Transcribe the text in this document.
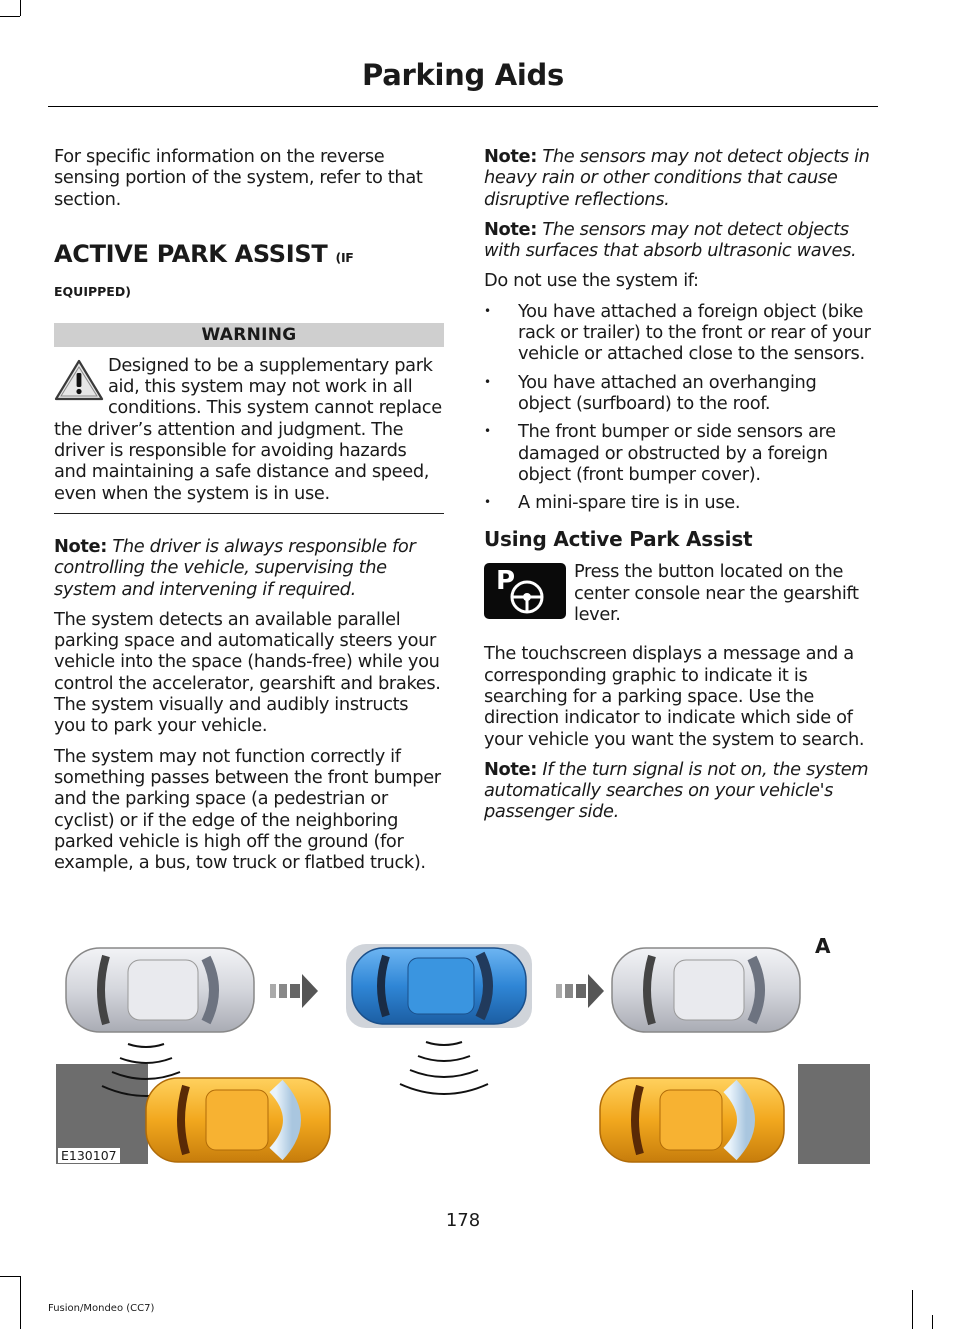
Parking Aids

For specific information on the reverse sensing portion of the system, refer to that section.

ACTIVE PARK ASSIST (IF
EQUIPPED)
WARNING

Designed to be a supplementary park aid, this system may not work in all conditions. This system cannot replace the driver’s attention and judgment. The driver is responsible for avoiding hazards and maintaining a safe distance and speed, even when the system is in use.

Note: The driver is always responsible for controlling the vehicle, supervising the system and intervening if required.

The system detects an available parallel parking space and automatically steers your vehicle into the space (hands-free) while you control the accelerator, gearshift and brakes. The system visually and audibly instructs you to park your vehicle.

The system may not function correctly if something passes between the front bumper and the parking space (a pedestrian or cyclist) or if the edge of the neighboring parked vehicle is high off the ground (for example, a bus, tow truck or flatbed truck).

Note: The sensors may not detect objects in heavy rain or other conditions that cause disruptive reflections.

Note: The sensors may not detect objects with surfaces that absorb ultrasonic waves.

Do not use the system if:

• You have attached a foreign object (bike rack or trailer) to the front or rear of your vehicle or attached close to the sensors.
• You have attached an overhanging object (surfboard) to the roof.
• The front bumper or side sensors are damaged or obstructed by a foreign object (front bumper cover).
• A mini-spare tire is in use.
Using Active Park Assist
P	Press the button located on the center console near the gearshift lever.

The touchscreen displays a message and a corresponding graphic to indicate it is searching for a parking space. Use the direction indicator to indicate which side of your vehicle you want the system to search.

Note: If the turn signal is not on, the system automatically searches on your vehicle's passenger side.

A
E130107
178
Fusion/Mondeo (CC7)
